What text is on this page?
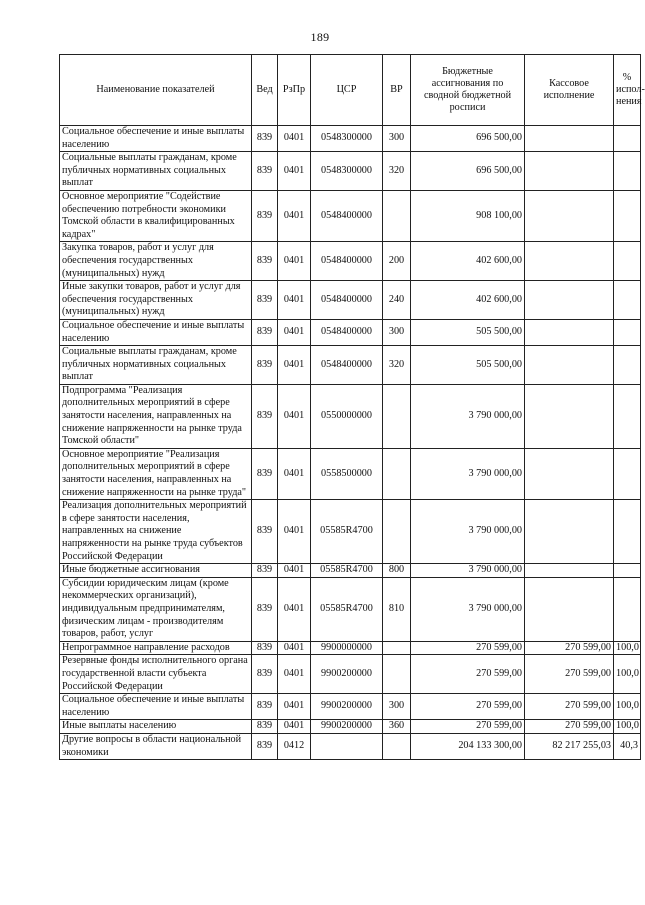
189
Наименование показателей	Вед	РзПр	ЦСР	ВР	Бюджетные ассигнования по сводной бюджетной росписи	Кассовое исполнение	% испол-нения
Социальное обеспечение и иные выплаты населению	839	0401	0548300000	300	696 500,00		
Социальные выплаты гражданам, кроме публичных нормативных социальных выплат	839	0401	0548300000	320	696 500,00		
Основное мероприятие "Содействие обеспечению потребности экономики Томской области в квалифицированных кадрах"	839	0401	0548400000		908 100,00		
Закупка товаров, работ и услуг для обеспечения государственных (муниципальных) нужд	839	0401	0548400000	200	402 600,00		
Иные закупки товаров, работ и услуг для обеспечения государственных (муниципальных) нужд	839	0401	0548400000	240	402 600,00		
Социальное обеспечение и иные выплаты населению	839	0401	0548400000	300	505 500,00		
Социальные выплаты гражданам, кроме публичных нормативных социальных выплат	839	0401	0548400000	320	505 500,00		
Подпрограмма "Реализация дополнительных мероприятий в сфере занятости населения, направленных на снижение напряженности на рынке труда Томской области"	839	0401	0550000000		3 790 000,00		
Основное мероприятие "Реализация дополнительных мероприятий в сфере занятости населения, направленных на снижение напряженности на рынке труда"	839	0401	0558500000		3 790 000,00		
Реализация дополнительных мероприятий в сфере занятости населения, направленных на снижение напряженности на рынке труда субъектов Российской Федерации	839	0401	05585R4700		3 790 000,00		
Иные бюджетные ассигнования	839	0401	05585R4700	800	3 790 000,00		
Субсидии юридическим лицам (кроме некоммерческих организаций), индивидуальным предпринимателям, физическим лицам - производителям товаров, работ, услуг	839	0401	05585R4700	810	3 790 000,00		
Непрограммное направление расходов	839	0401	9900000000		270 599,00	270 599,00	100,0
Резервные фонды исполнительного органа государственной власти субъекта Российской Федерации	839	0401	9900200000		270 599,00	270 599,00	100,0
Социальное обеспечение и иные выплаты населению	839	0401	9900200000	300	270 599,00	270 599,00	100,0
Иные выплаты населению	839	0401	9900200000	360	270 599,00	270 599,00	100,0
Другие вопросы в области национальной экономики	839	0412			204 133 300,00	82 217 255,03	40,3
